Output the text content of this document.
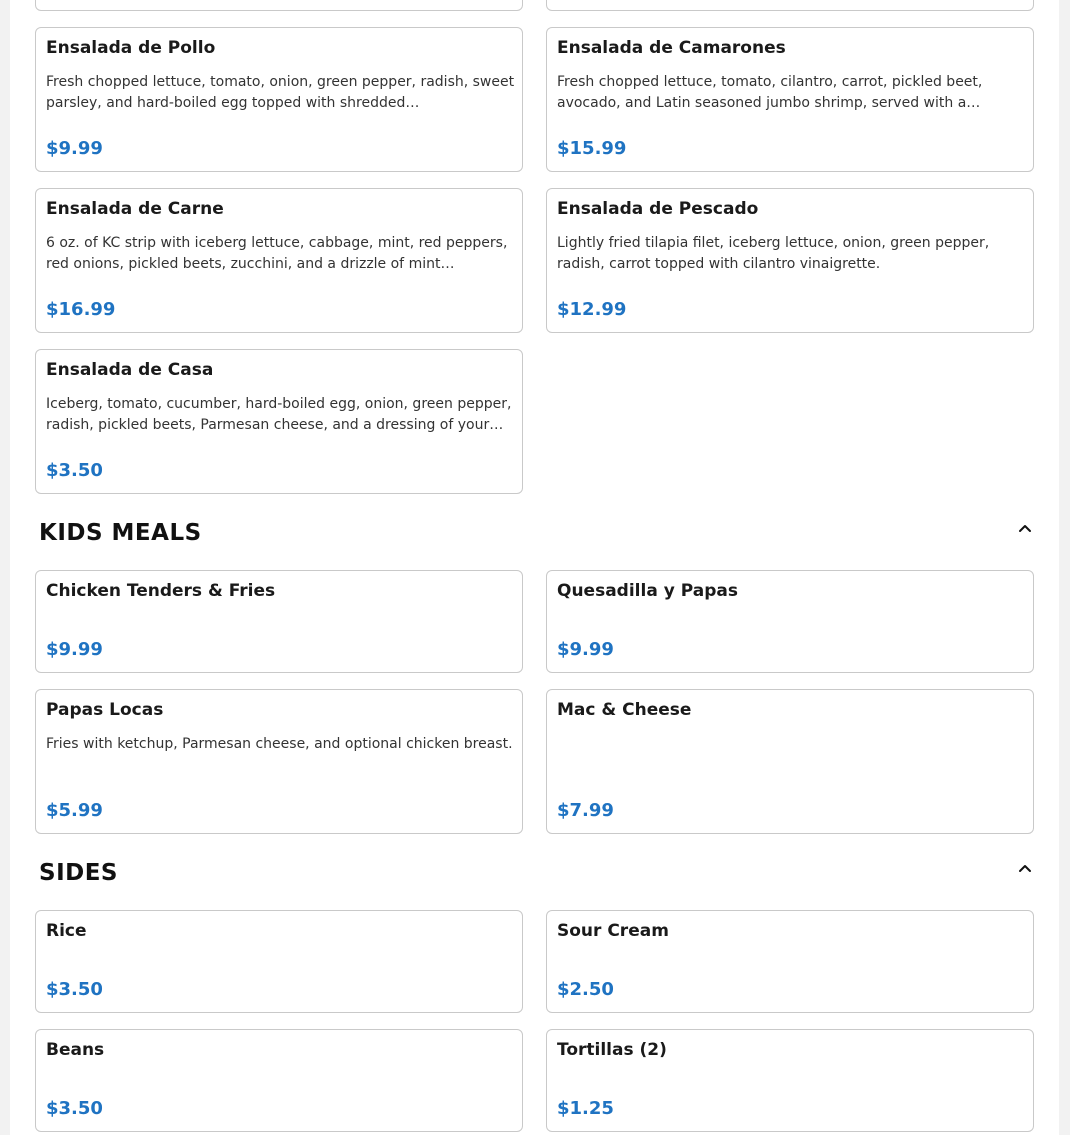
Ensalada de Pollo
Fresh chopped lettuce, tomato, onion, green pepper, radish, sweet parsley, and hard-boiled egg topped with shredded…
$9.99
Ensalada de Camarones
Fresh chopped lettuce, tomato, cilantro, carrot, pickled beet, avocado, and Latin seasoned jumbo shrimp, served with a…
$15.99
Ensalada de Carne
6 oz. of KC strip with iceberg lettuce, cabbage, mint, red peppers, red onions, pickled beets, zucchini, and a drizzle of mint…
$16.99
Ensalada de Pescado
Lightly fried tilapia filet, iceberg lettuce, onion, green pepper, radish, carrot topped with cilantro vinaigrette.
$12.99
Ensalada de Casa
Iceberg, tomato, cucumber, hard-boiled egg, onion, green pepper, radish, pickled beets, Parmesan cheese, and a dressing of your…
$3.50
KIDS MEALS
Chicken Tenders & Fries
$9.99
Quesadilla y Papas
$9.99
Papas Locas
Fries with ketchup, Parmesan cheese, and optional chicken breast.
$5.99
Mac & Cheese
$7.99
SIDES
Rice
$3.50
Sour Cream
$2.50
Beans
$3.50
Tortillas (2)
$1.25
